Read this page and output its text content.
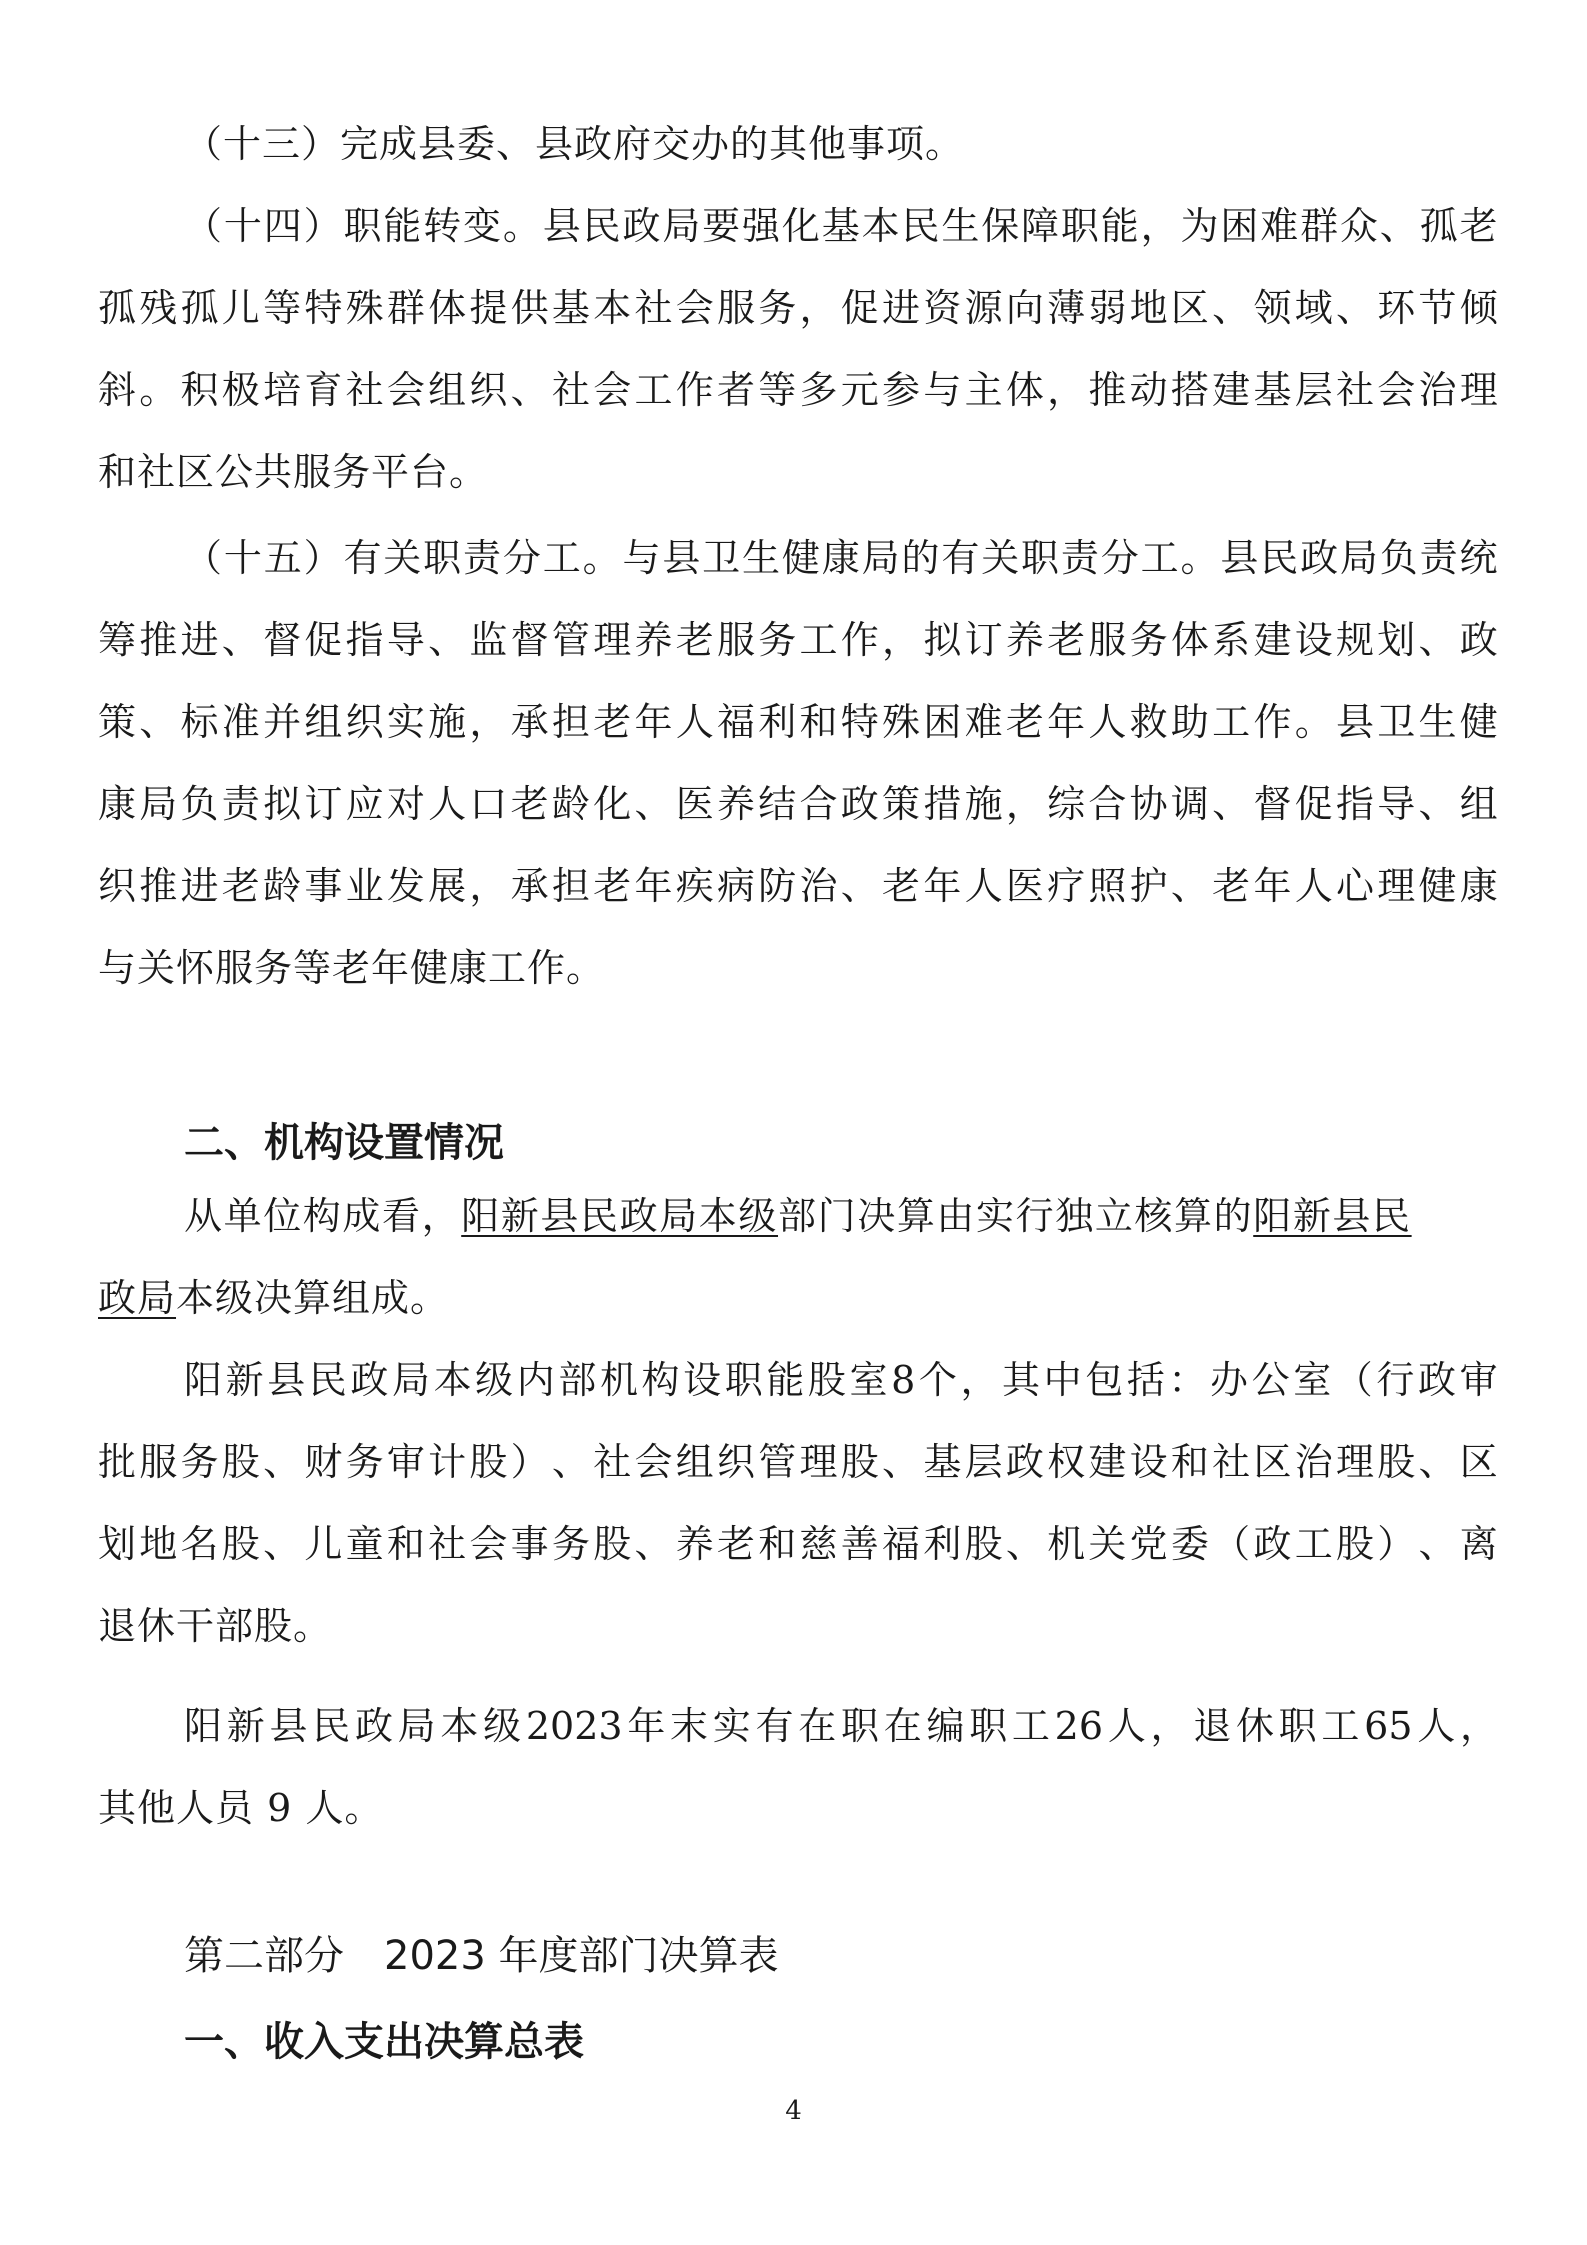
（十三）完成县委、县政府交办的其他事项。
（ 十 四 ） 职 能 转 变 。 县 民 政 局 要 强 化 基 本 民 生 保 障 职 能 ， 为 困 难 群 众 、 孤 老
孤 残 孤 儿 等 特 殊 群 体 提 供 基 本 社 会 服 务 ， 促 进 资 源 向 薄 弱 地 区 、 领 域 、 环 节 倾
斜 。 积 极 培 育 社 会 组 织 、 社 会 工 作 者 等 多 元 参 与 主 体 ， 推 动 搭 建 基 层 社 会 治 理
和社区公共服务平台。
（ 十 五 ） 有 关 职 责 分 工 。 与 县 卫 生 健 康 局 的 有 关 职 责 分 工 。 县 民 政 局 负 责 统
筹 推 进 、 督 促 指 导 、 监 督 管 理 养 老 服 务 工 作 ， 拟 订 养 老 服 务 体 系 建 设 规 划 、 政
策 、 标 准 并 组 织 实 施 ， 承 担 老 年 人 福 利 和 特 殊 困 难 老 年 人 救 助 工 作 。 县 卫 生 健
康 局 负 责 拟 订 应 对 人 口 老 龄 化 、 医 养 结 合 政 策 措 施 ， 综 合 协 调 、 督 促 指 导 、 组
织 推 进 老 龄 事 业 发 展 ， 承 担 老 年 疾 病 防 治 、 老 年 人 医 疗 照 护 、 老 年 人 心 理 健 康
与关怀服务等老年健康工作。
二、机构设置情况
从单位构成看，阳新县民政局本级部门决算由实行独立核算的阳新县民
政局本级决算组成。
阳 新 县 民 政 局 本 级 内 部 机 构 设 职 能 股 室 8 个 ， 其 中 包 括 ： 办 公 室 （ 行 政 审
批 服 务 股 、 财 务 审 计 股 ） 、 社 会 组 织 管 理 股 、 基 层 政 权 建 设 和 社 区 治 理 股 、 区
划 地 名 股 、 儿 童 和 社 会 事 务 股 、 养 老 和 慈 善 福 利 股 、 机 关 党 委 （ 政 工 股 ） 、 离
退休干部股。
阳 新 县 民 政 局 本 级 2023 年 末 实 有 在 职 在 编 职 工 26 人 ， 退 休 职 工 65 人 ，
其他人员 9 人。
第二部分　2023 年度部门决算表
一、收入支出决算总表
4
